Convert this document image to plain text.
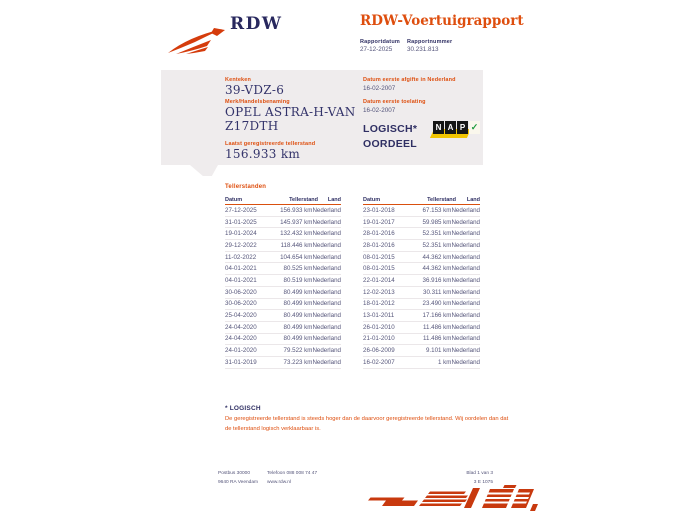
RDW	RDW-Voertuigrapport
Rapportdatum
27-12-2025
Rapportnummer
30.231.813
Kenteken
39-VDZ-6
Merk/Handelsbenaming
OPEL ASTRA-H-VAN
Z17DTH
Laatst geregistreerde tellerstand
156.933 km
Datum eerste afgifte in Nederland
16-02-2007
Datum eerste toelating
16-02-2007
LOGISCH*
OORDEEL
N A P ✓
Tellerstanden
Datum	Tellerstand	Land
27-12-2025	156.933 km Nederland
31-01-2025	145.937 km Nederland
19-01-2024	132.432 km Nederland
29-12-2022	118.446 km Nederland
11-02-2022	104.654 km Nederland
04-01-2021	80.525 km Nederland
04-01-2021	80.519 km Nederland
30-06-2020	80.499 km Nederland
30-06-2020	80.499 km Nederland
25-04-2020	80.499 km Nederland
24-04-2020	80.499 km Nederland
24-04-2020	80.499 km Nederland
24-01-2020	79.522 km Nederland
31-01-2019	73.223 km Nederland
Datum	Tellerstand	Land
23-01-2018	67.153 km Nederland
19-01-2017	59.985 km Nederland
28-01-2016	52.351 km Nederland
28-01-2016	52.351 km Nederland
08-01-2015	44.362 km Nederland
08-01-2015	44.362 km Nederland
22-01-2014	36.916 km Nederland
12-02-2013	30.311 km Nederland
18-01-2012	23.490 km Nederland
13-01-2011	17.166 km Nederland
26-01-2010	11.486 km Nederland
21-01-2010	11.486 km Nederland
26-06-2009	9.101 km Nederland
16-02-2007	1 km Nederland
* LOGISCH
De geregistreerde tellerstand is steeds hoger dan de daarvoor geregistreerde tellerstand. Wij oordelen dan dat de tellerstand logisch verklaarbaar is.
Postbus 30000
9640 RA Veendam
Telefoon 088 008 74 47
www.rdw.nl
Blad 1 van 3
3 E 1075
